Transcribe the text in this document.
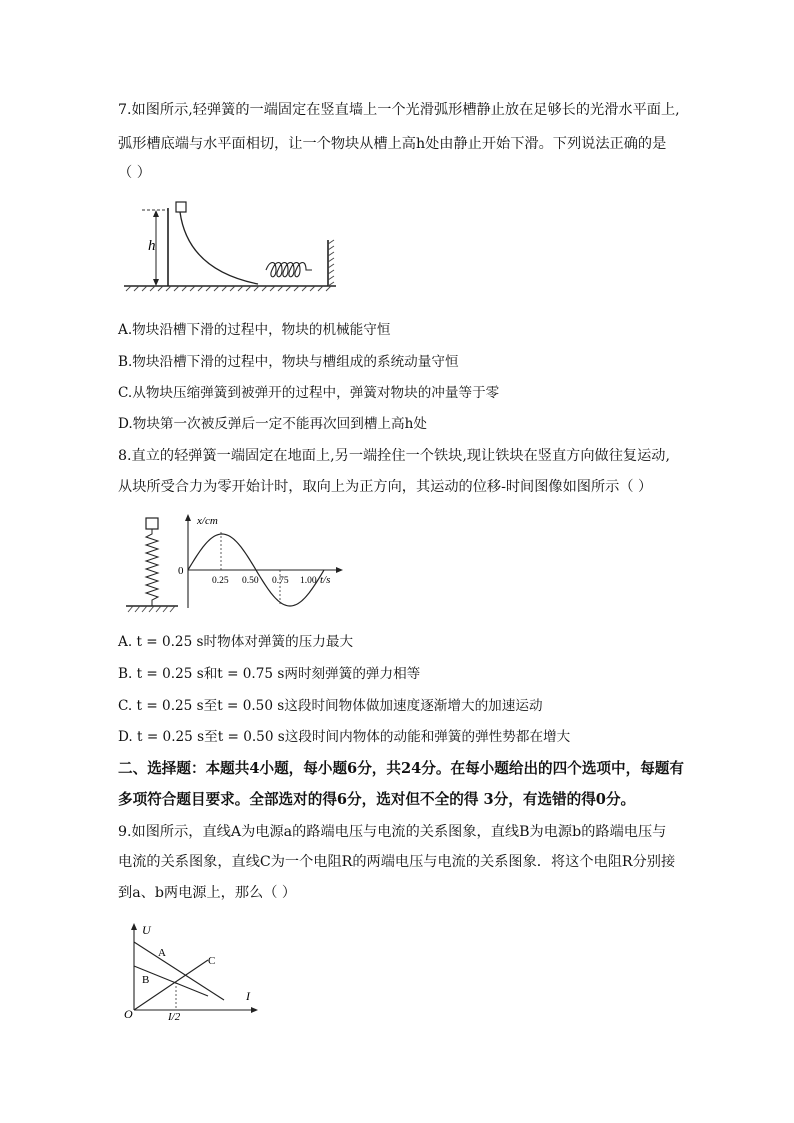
7.如图所示,轻弹簧的一端固定在竖直墙上一个光滑弧形槽静止放在足够长的光滑水平面上,
弧形槽底端与水平面相切，让一个物块从槽上高h处由静止开始下滑。下列说法正确的是
（ ）
h
A.物块沿槽下滑的过程中，物块的机械能守恒
B.物块沿槽下滑的过程中，物块与槽组成的系统动量守恒
C.从物块压缩弹簧到被弹开的过程中，弹簧对物块的冲量等于零
D.物块第一次被反弹后一定不能再次回到槽上高h处
8.直立的轻弹簧一端固定在地面上,另一端拴住一个铁块,现让铁块在竖直方向做往复运动,
从块所受合力为零开始计时，取向上为正方向，其运动的位移-时间图像如图所示（ ）
x/cm
0
t/s
0.25 0.50 0.75 1.00
A. t = 0.25 s时物体对弹簧的压力最大
B. t = 0.25 s和t = 0.75 s两时刻弹簧的弹力相等
C. t = 0.25 s至t = 0.50 s这段时间物体做加速度逐渐增大的加速运动
D. t = 0.25 s至t = 0.50 s这段时间内物体的动能和弹簧的弹性势都在增大
二、选择题：本题共4小题，每小题6分，共24分。在每小题给出的四个选项中，每题有
多项符合题目要求。全部选对的得6分，选对但不全的得 3分，有选错的得0分。
9.如图所示，直线A为电源a的路端电压与电流的关系图象，直线B为电源b的路端电压与
电流的关系图象，直线C为一个电阻R的两端电压与电流的关系图象．将这个电阻R分别接
到a、b两电源上，那么（ ）
U
I
O
A
B
C
I/2
